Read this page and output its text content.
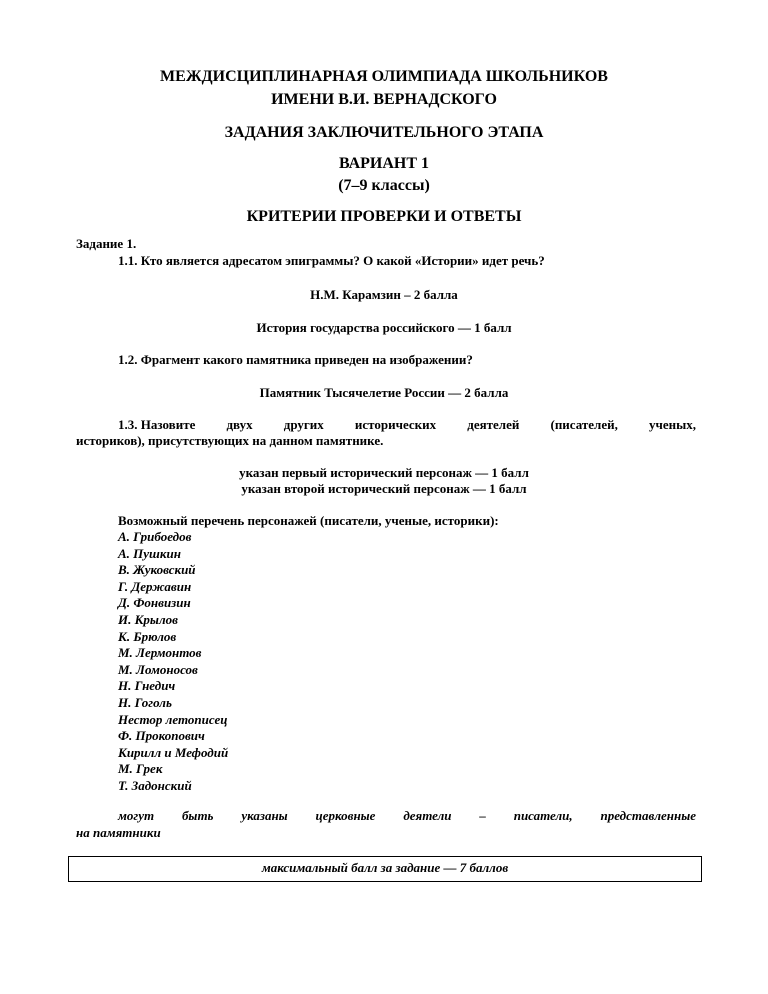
МЕЖДИСЦИПЛИНАРНАЯ ОЛИМПИАДА ШКОЛЬНИКОВ
ИМЕНИ В.И. ВЕРНАДСКОГО
ЗАДАНИЯ ЗАКЛЮЧИТЕЛЬНОГО ЭТАПА
ВАРИАНТ 1
(7–9 классы)
КРИТЕРИИ ПРОВЕРКИ И ОТВЕТЫ
Задание 1.
1.1. Кто является адресатом эпиграммы? О какой «Истории» идет речь?
Н.М. Карамзин – 2 балла
История государства российского — 1 балл
1.2. Фрагмент какого памятника приведен на изображении?
Памятник Тысячелетие России — 2 балла
1.3. Назовите двух других исторических деятелей (писателей, ученых,
историков), присутствующих на данном памятнике.
указан первый исторический персонаж — 1 балл
указан второй исторический персонаж — 1 балл
Возможный перечень персонажей (писатели, ученые, историки):
А. Грибоедов
А. Пушкин
В. Жуковский
Г. Державин
Д. Фонвизин
И. Крылов
К. Брюлов
М. Лермонтов
М. Ломоносов
Н. Гнедич
Н. Гоголь
Нестор летописец
Ф. Прокопович
Кирилл и Мефодий
М. Грек
Т. Задонский
могут быть указаны церковные деятели – писатели, представленные
на памятники
максимальный балл за задание — 7 баллов
